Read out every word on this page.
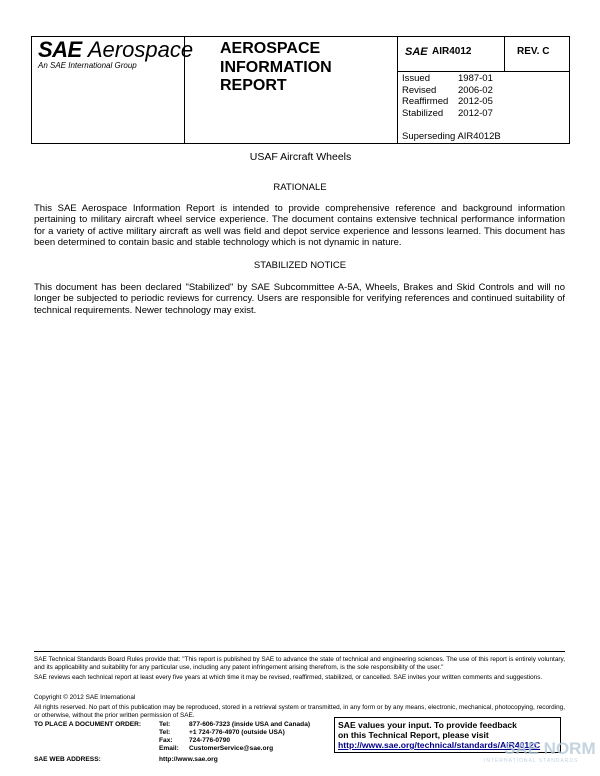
SAE Aerospace
An SAE International Group
AEROSPACE
INFORMATION
REPORT
SAE AIR4012	REV. C
Issued	1987-01
Revised	2006-02
Reaffirmed	2012-05
Stabilized	2012-07
Superseding AIR4012B
USAF Aircraft Wheels
RATIONALE
This SAE Aerospace Information Report is intended to provide comprehensive reference and background information pertaining to military aircraft wheel service experience. The document contains extensive technical performance information for a variety of active military aircraft as well was field and depot service experience and lessons learned. This document has been determined to contain basic and stable technology which is not dynamic in nature.
STABILIZED NOTICE
This document has been declared "Stabilized" by SAE Subcommittee A-5A, Wheels, Brakes and Skid Controls and will no longer be subjected to periodic reviews for currency. Users are responsible for verifying references and continued suitability of technical requirements. Newer technology may exist.
SAE Technical Standards Board Rules provide that: "This report is published by SAE to advance the state of technical and engineering sciences. The use of this report is entirely voluntary, and its applicability and suitability for any particular use, including any patent infringement arising therefrom, is the sole responsibility of the user."
SAE reviews each technical report at least every five years at which time it may be revised, reaffirmed, stabilized, or cancelled. SAE invites your written comments and suggestions.
Copyright © 2012 SAE International
All rights reserved. No part of this publication may be reproduced, stored in a retrieval system or transmitted, in any form or by any means, electronic, mechanical, photocopying, recording, or otherwise, without the prior written permission of SAE.
TO PLACE A DOCUMENT ORDER:	Tel:	877-606-7323 (inside USA and Canada)
Tel:	+1 724-776-4970 (outside USA)
Fax: 724-776-0790
Email: CustomerService@sae.org
SAE WEB ADDRESS:	http://www.sae.org
SAE values your input. To provide feedback
on this Technical Report, please visit
http://www.sae.org/technical/standards/AIR4012C
SAE NORM
INTERNATIONAL STANDARDS
